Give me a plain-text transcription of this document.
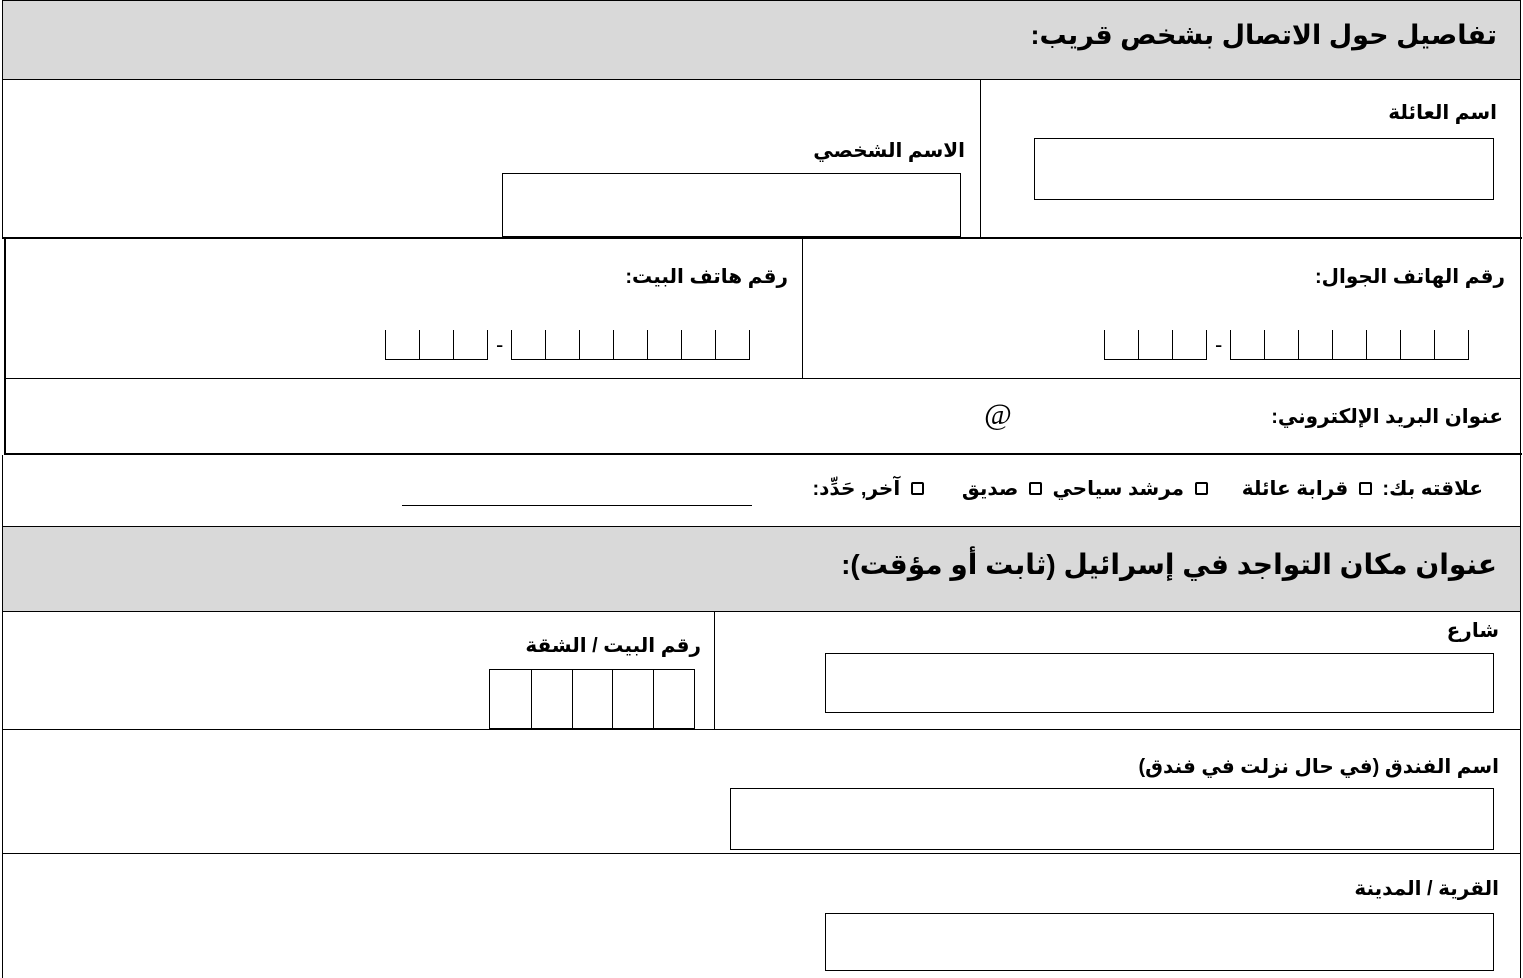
تفاصيل حول الاتصال بشخص قريب:
اسم العائلة
الاسم الشخصي
رقم الهاتف الجوال:
رقم هاتف البيت:
-
-
عنوان البريد الإلكتروني:
@
علاقته بك:  قرابة عائلة   مرشد سياحي  صديق   آخر, حَدِّد:
عنوان مكان التواجد في إسرائيل (ثابت أو مؤقت):
شارع
رقم البيت / الشقة
اسم الفندق (في حال نزلت في فندق)
القرية / المدينة
